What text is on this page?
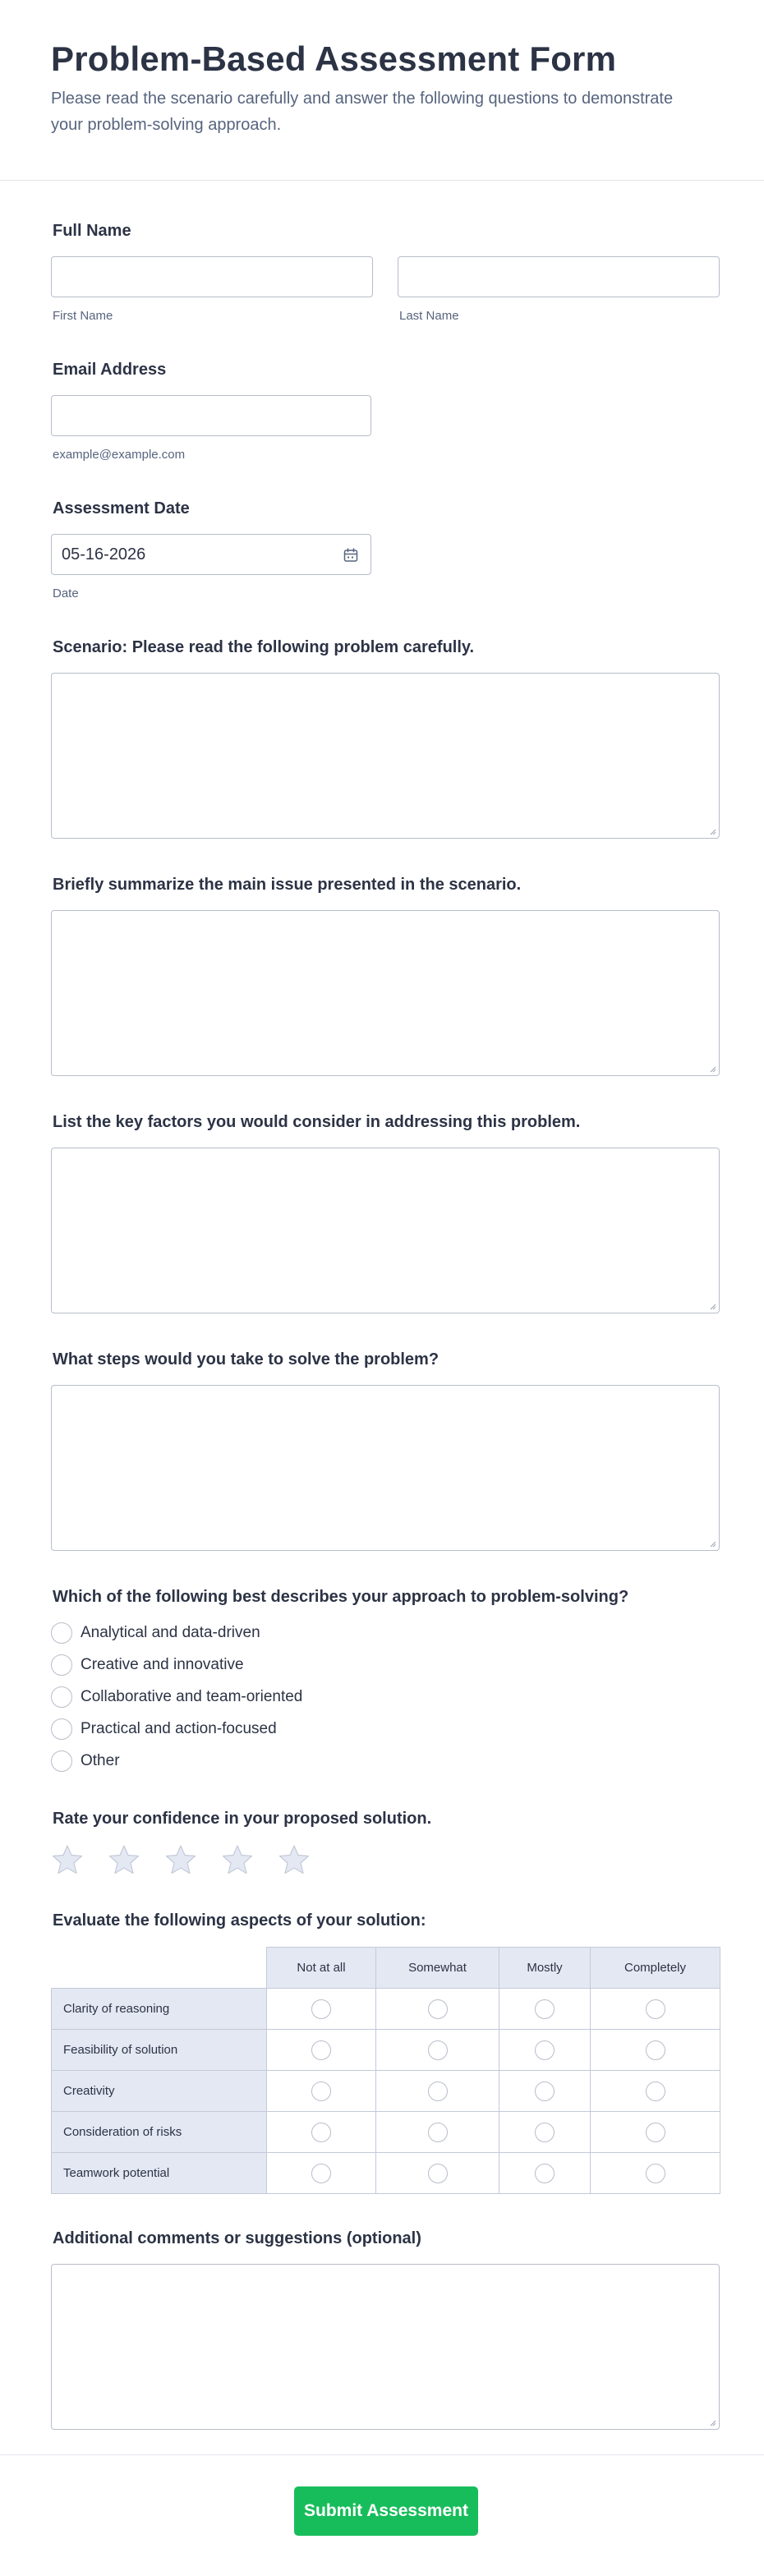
Problem-Based Assessment Form
Please read the scenario carefully and answer the following questions to demonstrate your problem-solving approach.
Full Name
First Name	Last Name
Email Address
example@example.com
Assessment Date
05-16-2026
Date
Scenario: Please read the following problem carefully.
Briefly summarize the main issue presented in the scenario.
List the key factors you would consider in addressing this problem.
What steps would you take to solve the problem?
Which of the following best describes your approach to problem-solving?
Analytical and data-driven
Creative and innovative
Collaborative and team-oriented
Practical and action-focused
Other
Rate your confidence in your proposed solution.
Evaluate the following aspects of your solution:
	Not at all	Somewhat	Mostly	Completely
Clarity of reasoning				
Feasibility of solution				
Creativity				
Consideration of risks				
Teamwork potential				
Additional comments or suggestions (optional)
Submit Assessment
